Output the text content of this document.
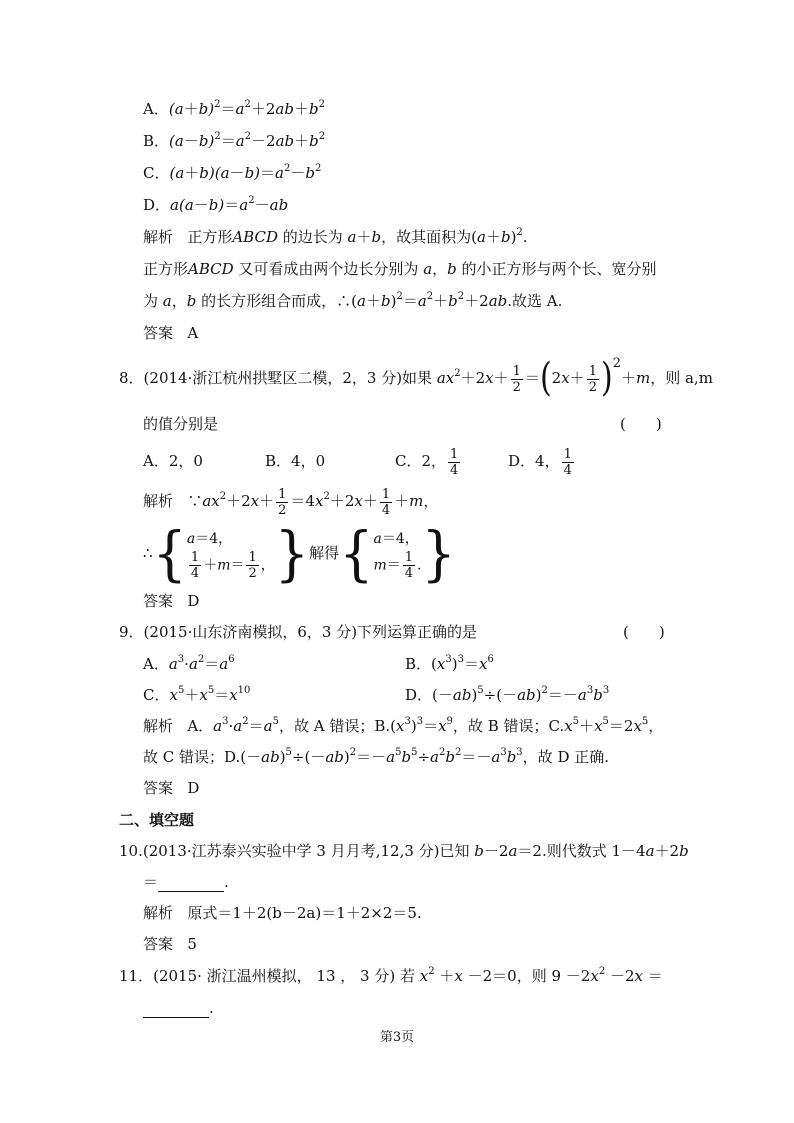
A．$(a+b)^2=a^2+2ab+b^2$
B．$(a-b)^2=a^2-2ab+b^2$
C．$(a+b)(a-b)=a^2-b^2$
D．$a(a-b)=a^2-ab$
解析 正方形ABCD 的边长为 a＋b，故其面积为$(a+b)^2$.
正方形ABCD 又可看成由两个边长分别为 a，b 的小正方形与两个长、宽分别
为 a，b 的长方形组合而成，$\therefore(a+b)^2=a^2+b^2+2ab$.故选 A.
答案 A
8．(2014·浙江杭州拱墅区二模，2，3 分)如果 $ax^2+2x+ \frac{1}{2} =(2x+ \frac{1}{2} )^2+m$，则 a,m
的值分别是	(　　)
A．2，0	B．4，0	C．2， $\frac{1}{4}$	D．4， $\frac{1}{4}$
解析   $\because ax^2+2x+ \frac{1}{2} =4x^2+2x+ \frac{1}{4} +m$，
∴{ a＝4，
$\frac{1}{4} +m= \frac{1}{2}$ ， }解得{ a＝4，
$m= \frac{1}{4}$ . }
答案 D
9．(2015·山东济南模拟，6，3 分)下列运算正确的是	(　　)
A．$a^3\cdot a^2=a^6$	B．$(x^3)^3=x^6$
C．$x^5+x^5=x^{10}$	D．$(-ab)^5\div(-ab)^2=-a^3b^3$
解析 A．$a^3\cdot a^2=a^5$，故 A 错误；$B.(x^3)^3=x^9$，故 B 错误；$C.x^5+x^5=2x^5$，
故 C 错误；$D.(-ab)^5\div(-ab)^2=-a^5b^5\div a^2b^2=-a^3b^3$，故 D 正确.
答案 D
二、填空题
10.(2013·江苏泰兴实验中学 3 月月考,12,3 分)已知 b－2a＝2.则代数式 1－4a＋2b
＝	.
解析 原式＝1＋2(b－2a)＝1＋2×2＝5.
答案 5
11．(2015· 浙江温州模拟， 13 ， 3 分) 若 $x^2 +x -2=0$，则 $9 -2x^2 -2x$ ＝
.
第3页
